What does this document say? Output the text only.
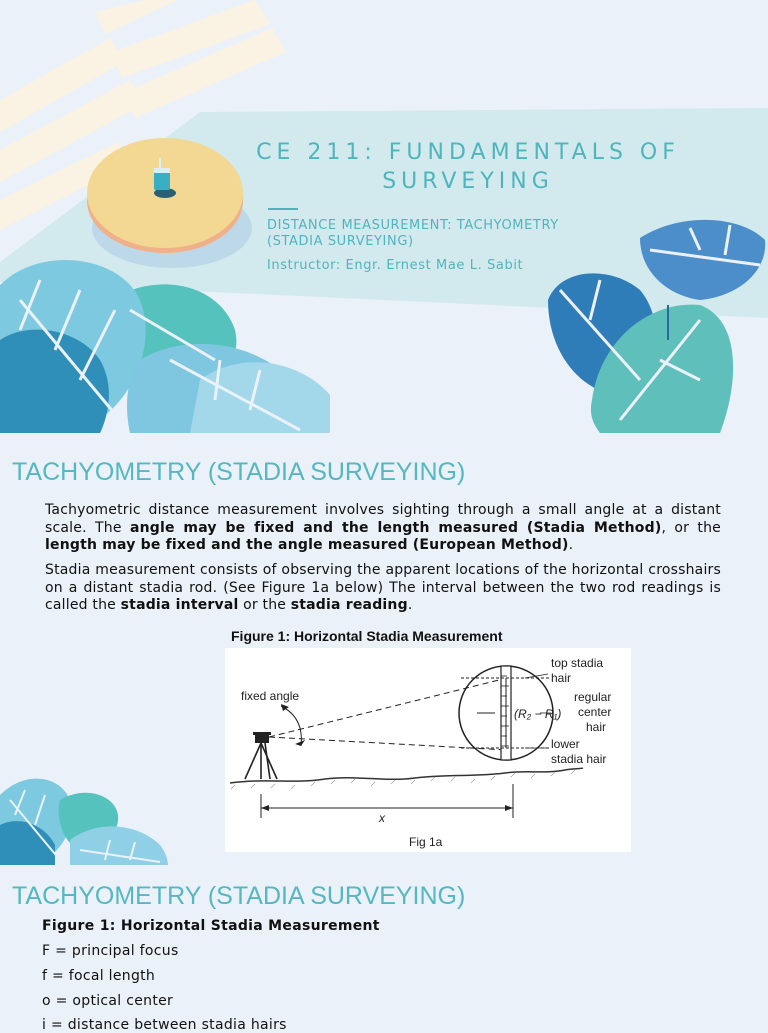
CE 211: FUNDAMENTALS OF
SURVEYING
DISTANCE MEASUREMENT: TACHYOMETRY
(STADIA SURVEYING)
Instructor: Engr. Ernest Mae L. Sabit
TACHYOMETRY (STADIA SURVEYING)
Tachyometric distance measurement involves sighting through a small angle at a distant scale. The angle may be fixed and the length measured (Stadia Method), or the length may be fixed and the angle measured (European Method).
Stadia measurement consists of observing the apparent locations of the horizontal crosshairs on a distant stadia rod. (See Figure 1a below) The interval between the two rod readings is called the stadia interval or the stadia reading.
Figure 1: Horizontal Stadia Measurement
fixed angle
(R₂ − R₁)
top stadia
hair
regular
center
hair
lower
stadia hair
x
Fig 1a
TACHYOMETRY (STADIA SURVEYING)
Figure 1: Horizontal Stadia Measurement
F = principal focus
f = focal length
o = optical center
i = distance between stadia hairs
